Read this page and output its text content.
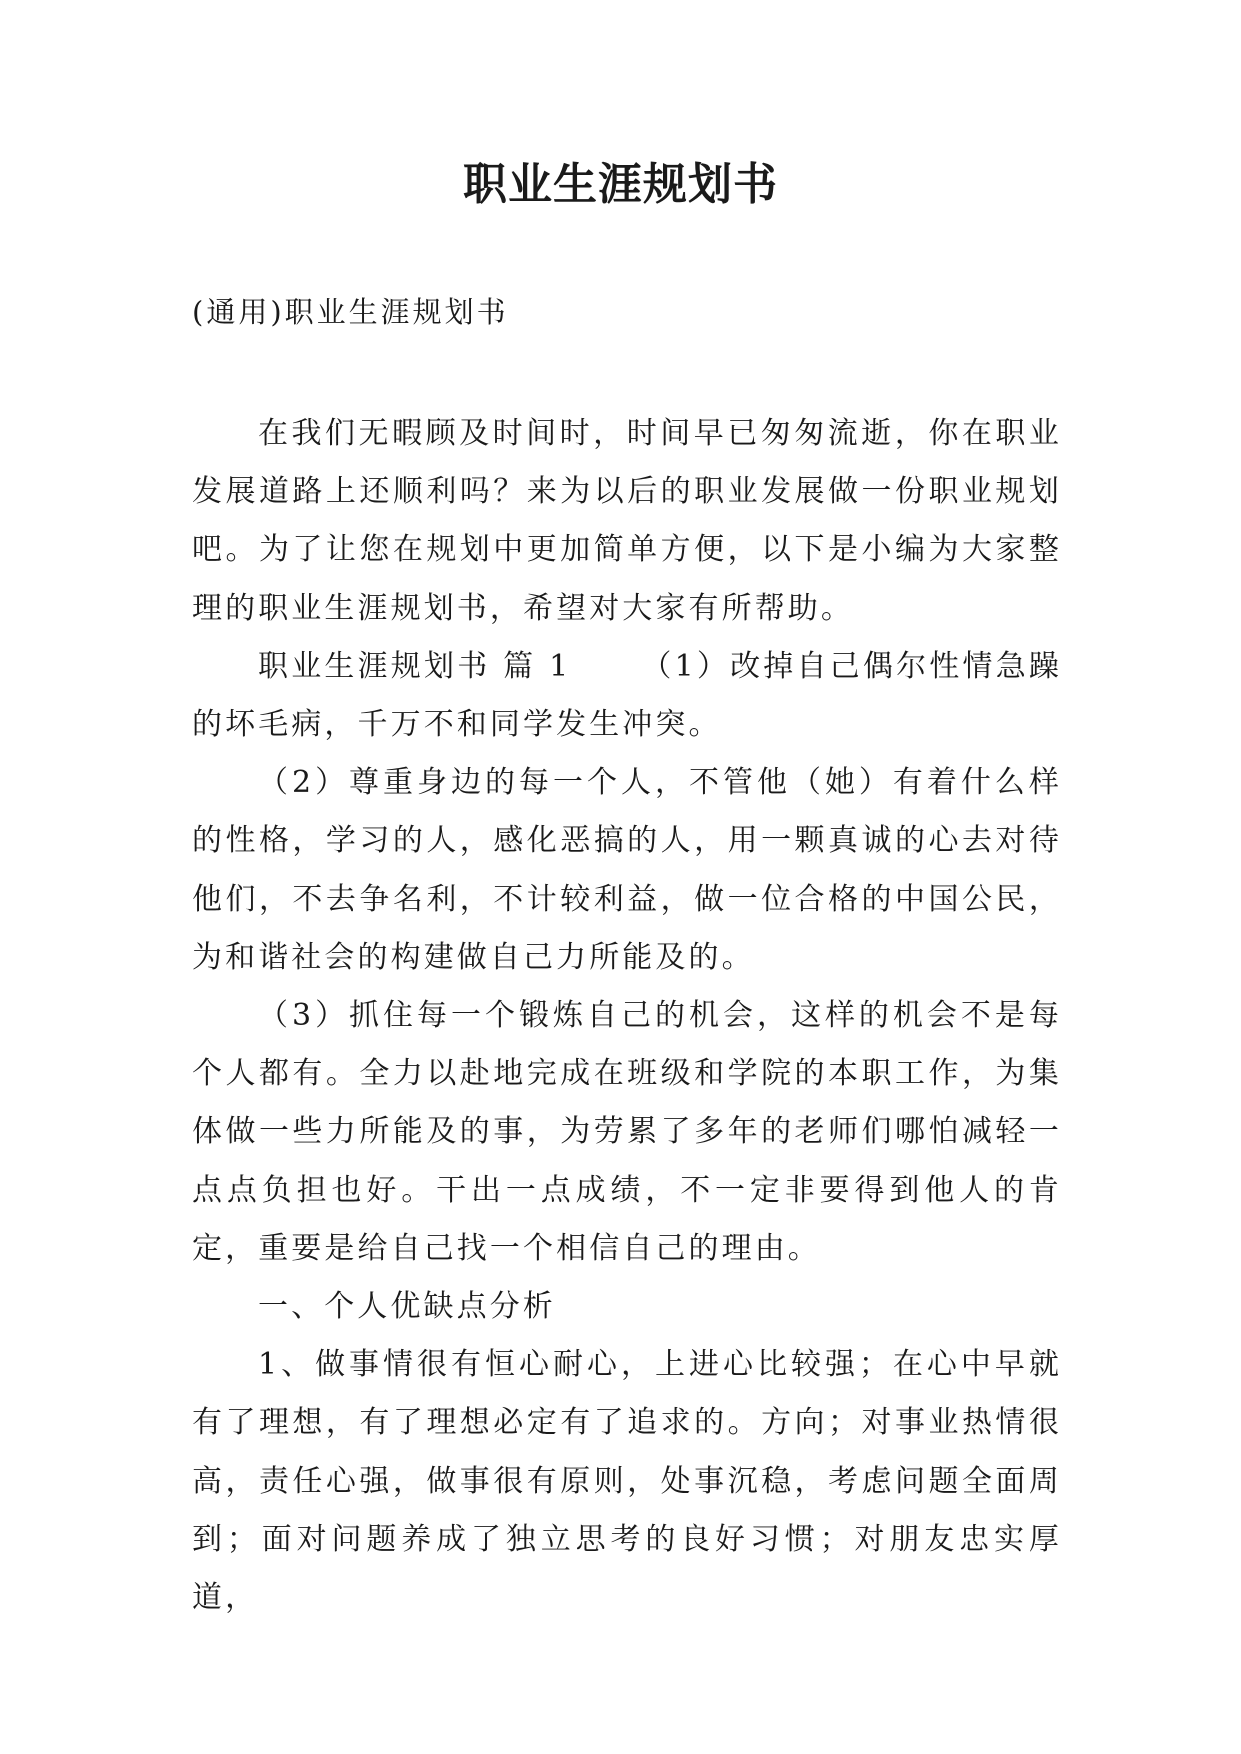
职业生涯规划书

(通用)职业生涯规划书

在我们无暇顾及时间时，时间早已匆匆流逝，你在职业发展道路上还顺利吗？来为以后的职业发展做一份职业规划吧。为了让您在规划中更加简单方便，以下是小编为大家整理的职业生涯规划书，希望对大家有所帮助。

职业生涯规划书 篇 1 （1）改掉自己偶尔性情急躁的坏毛病，千万不和同学发生冲突。

（2）尊重身边的每一个人，不管他（她）有着什么样的性格，学习的人，感化恶搞的人，用一颗真诚的心去对待他们，不去争名利，不计较利益，做一位合格的中国公民，为和谐社会的构建做自己力所能及的。

（3）抓住每一个锻炼自己的机会，这样的机会不是每个人都有。全力以赴地完成在班级和学院的本职工作，为集体做一些力所能及的事，为劳累了多年的老师们哪怕减轻一点点负担也好。干出一点成绩，不一定非要得到他人的肯定，重要是给自己找一个相信自己的理由。

一、个人优缺点分析

1、做事情很有恒心耐心，上进心比较强；在心中早就有了理想，有了理想必定有了追求的。方向；对事业热情很高，责任心强，做事很有原则，处事沉稳，考虑问题全面周到；面对问题养成了独立思考的良好习惯；对朋友忠实厚道，
